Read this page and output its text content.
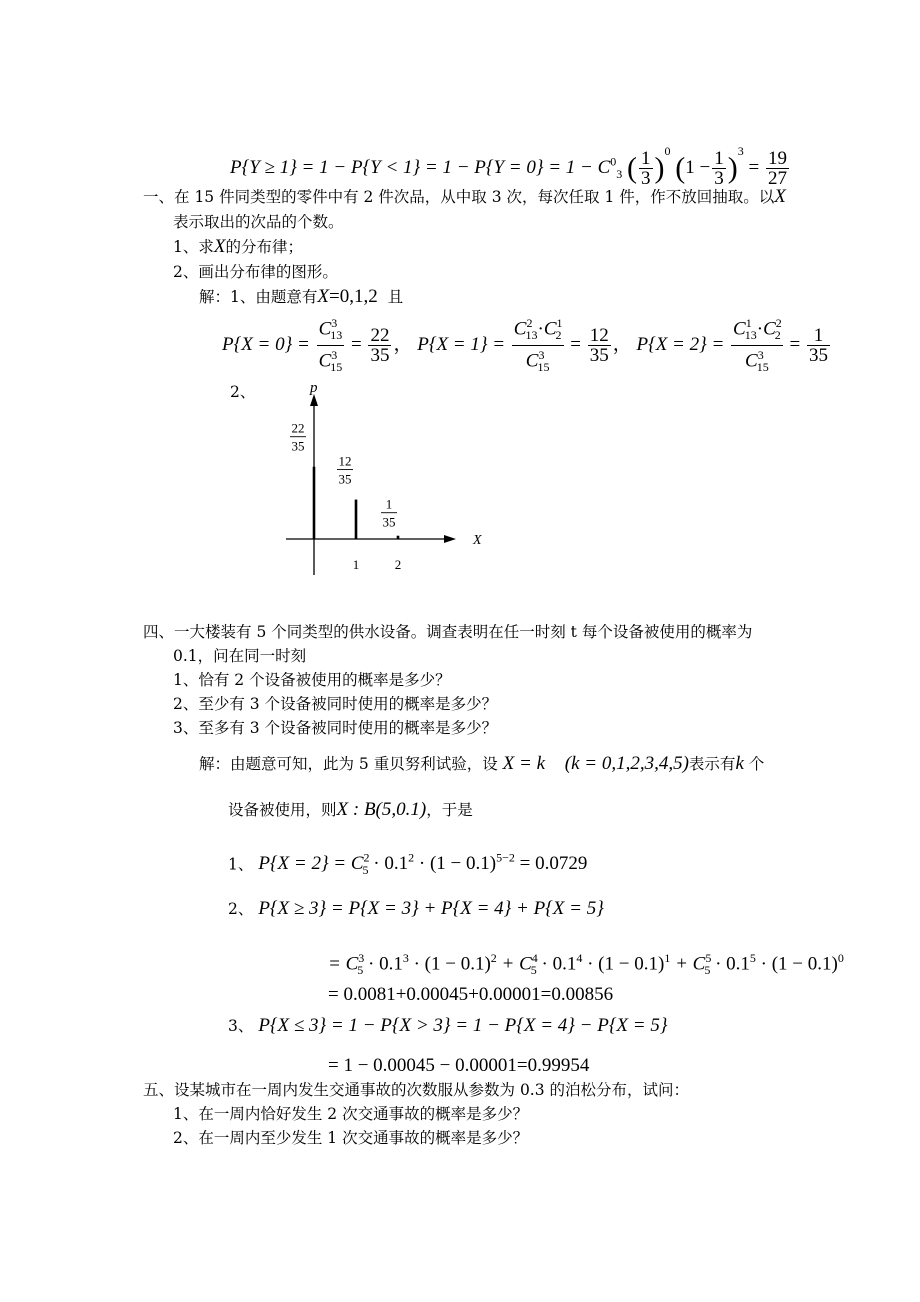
$P\{Y \ge 1\} = 1 - P\{Y < 1\} = 1 - P\{Y = 0\} = 1 - C^0_3$ ( $\frac{1}{3} )^0$ $(1 - \frac{1}{3} )^3 = \frac{19}{27}$
一、在 15 件同类型的零件中有 2 件次品，从中取 3 次，每次任取 1 件，作不放回抽取。以X
表示取出的次品的个数。
1、求X的分布律；
2、画出分布律的图形。
解：1、由题意有X=0,1,2 且
$P\{X = 0\} = \frac{C^3_{13}}{C^3_{15}} = \frac{22}{35}$ ， $P\{X = 1\} = \frac{C^2_{13}\cdot C^1_2}{C^3_{15}} = \frac{12}{35}$ ， $P\{X = 2\} = \frac{C^1_{13}\cdot C^2_2}{C^3_{15}} = \frac{1}{35}$
2、	p
X
22
35
12
35
1
35
1	2
四、一大楼装有 5 个同类型的供水设备。调查表明在任一时刻 t 每个设备被使用的概率为
0.1，问在同一时刻
1、恰有 2 个设备被使用的概率是多少？
2、至少有 3 个设备被同时使用的概率是多少？
3、至多有 3 个设备被同时使用的概率是多少？
解：由题意可知，此为 5 重贝努利试验，设 X = k (k = 0,1,2,3,4,5)表示有k 个
设备被使用，则X : B(5,0.1)，于是
1、 $P\{X = 2\} = C^2_5 \cdot 0.1^2 \cdot (1 - 0.1)^{5-2} = 0.0729$
2、 P{X ≥ 3} = P{X = 3} + P{X = 4} + P{X = 5}
= $C^3_5 \cdot 0.1^3 \cdot (1 - 0.1)^2 + C^4_5 \cdot 0.1^4 \cdot (1 - 0.1)^1 + C^5_5 \cdot 0.1^5 \cdot (1 - 0.1)^0$
= 0.0081+0.00045+0.00001=0.00856
3、 P{X ≤ 3} = 1 − P{X > 3} = 1 − P{X = 4} − P{X = 5}
= 1 − 0.00045 − 0.00001=0.99954
五、设某城市在一周内发生交通事故的次数服从参数为 0.3 的泊松分布，试问：
1、在一周内恰好发生 2 次交通事故的概率是多少？
2、在一周内至少发生 1 次交通事故的概率是多少？
